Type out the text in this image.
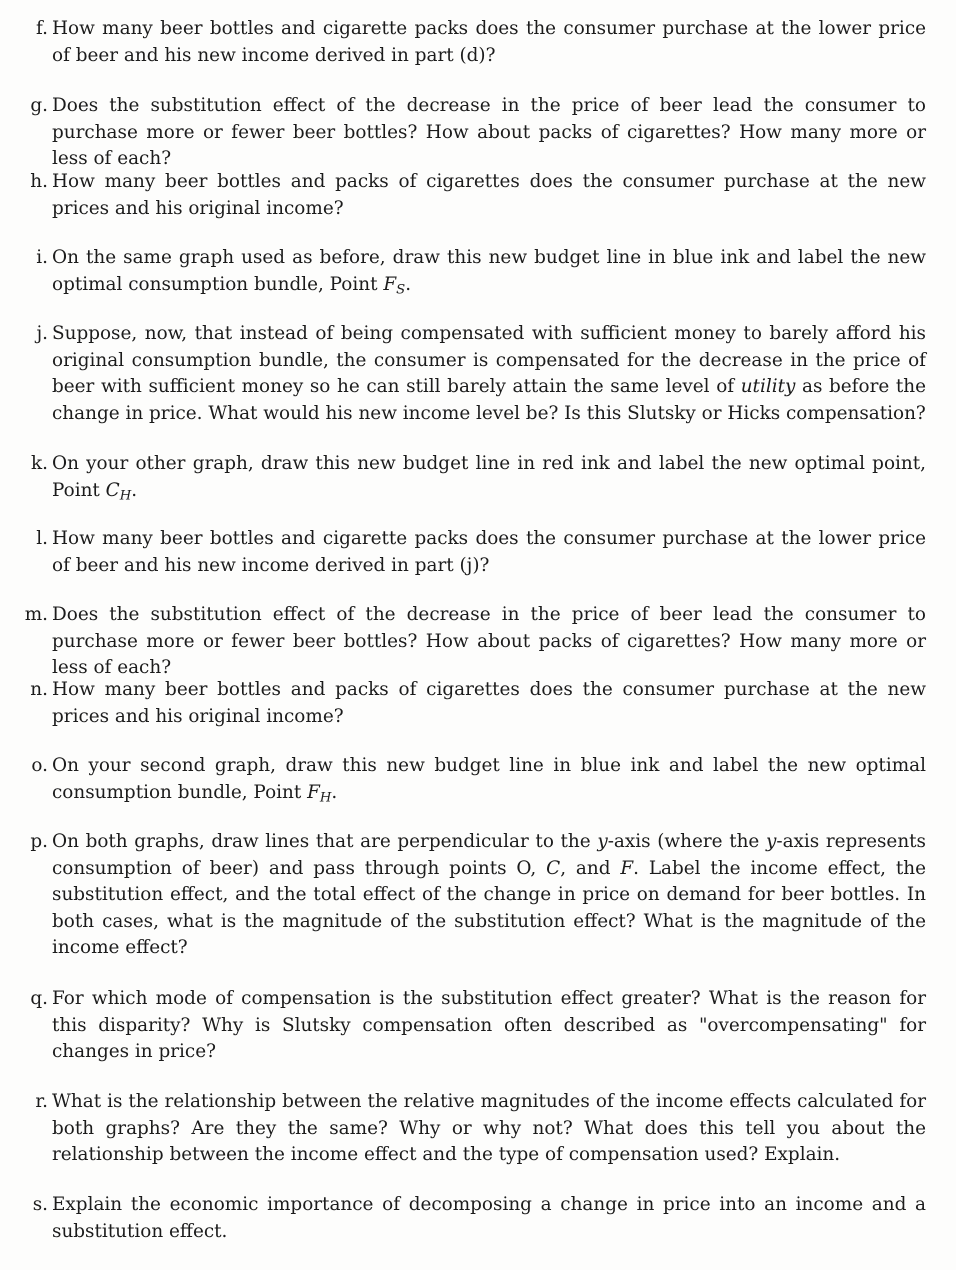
f. How many beer bottles and cigarette packs does the consumer purchase at the lower price of beer and his new income derived in part (d)?
g. Does the substitution effect of the decrease in the price of beer lead the consumer to purchase more or fewer beer bottles? How about packs of cigarettes? How many more or less of each?
h. How many beer bottles and packs of cigarettes does the consumer purchase at the new prices and his original income?
i. On the same graph used as before, draw this new budget line in blue ink and label the new optimal consumption bundle, Point $F_S$.
j. Suppose, now, that instead of being compensated with sufficient money to barely afford his original consumption bundle, the consumer is compensated for the decrease in the price of beer with sufficient money so he can still barely attain the same level of utility as before the change in price. What would his new income level be? Is this Slutsky or Hicks compensation?
k. On your other graph, draw this new budget line in red ink and label the new optimal point, Point $C_H$.
l. How many beer bottles and cigarette packs does the consumer purchase at the lower price of beer and his new income derived in part (j)?
m. Does the substitution effect of the decrease in the price of beer lead the consumer to purchase more or fewer beer bottles? How about packs of cigarettes? How many more or less of each?
n. How many beer bottles and packs of cigarettes does the consumer purchase at the new prices and his original income?
o. On your second graph, draw this new budget line in blue ink and label the new optimal consumption bundle, Point $F_H$.
p. On both graphs, draw lines that are perpendicular to the y-axis (where the y-axis represents consumption of beer) and pass through points O, C, and F. Label the income effect, the substitution effect, and the total effect of the change in price on demand for beer bottles. In both cases, what is the magnitude of the substitution effect? What is the magnitude of the income effect?
q. For which mode of compensation is the substitution effect greater? What is the reason for this disparity? Why is Slutsky compensation often described as "overcompensating" for changes in price?
r. What is the relationship between the relative magnitudes of the income effects calculated for both graphs? Are they the same? Why or why not? What does this tell you about the relationship between the income effect and the type of compensation used? Explain.
s. Explain the economic importance of decomposing a change in price into an income and a substitution effect.
